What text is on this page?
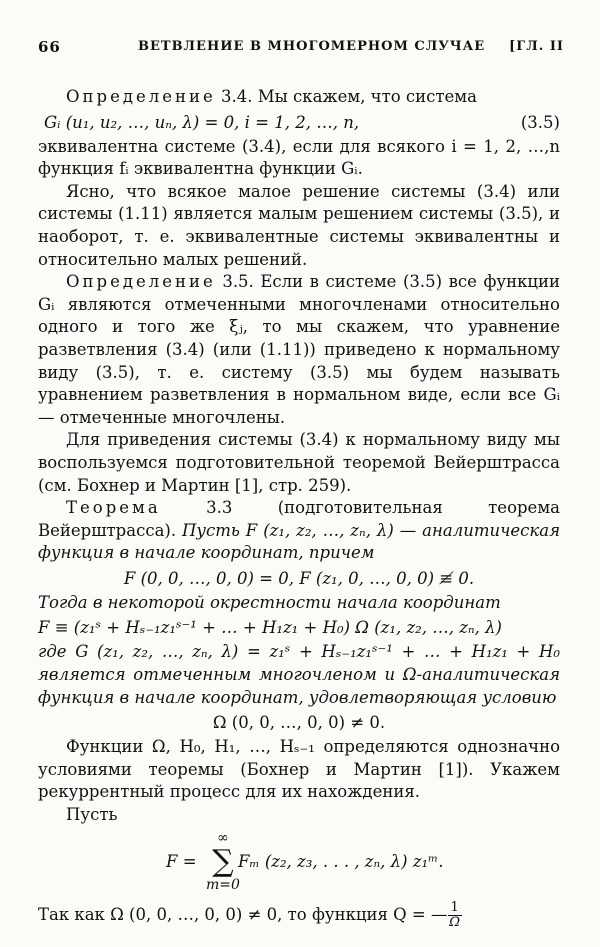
66	ВЕТВЛЕНИЕ В МНОГОМЕРНОМ СЛУЧАЕ [ГЛ. II

Определение 3.4. Мы скажем, что система

Gᵢ (u₁, u₂, …, uₙ, λ) = 0, i = 1, 2, …, n,	(3.5)

эквивалентна системе (3.4), если для всякого i = 1, 2, …,n функция fᵢ эквивалентна функции Gᵢ.

Ясно, что всякое малое решение системы (3.4) или системы (1.11) является малым решением системы (3.5), и наоборот, т. е. эквивалентные системы эквивалентны и относительно малых решений.

Определение 3.5. Если в системе (3.5) все функции Gᵢ являются отмеченными многочленами относительно одного и того же ξⱼ, то мы скажем, что уравнение разветвления (3.4) (или (1.11)) приведено к нормальному виду (3.5), т. е. систему (3.5) мы будем называть уравнением разветвления в нормальном виде, если все Gᵢ — отмеченные многочлены.

Для приведения системы (3.4) к нормальному виду мы воспользуемся подготовительной теоремой Вейерштрасса (см. Бохнер и Мартин [1], стр. 259).

Теорема 3.3 (подготовительная теорема Вейерштрасса). Пусть F (z₁, z₂, …, zₙ, λ) — аналитическая функция в начале координат, причем

F (0, 0, …, 0, 0) = 0, F (z₁, 0, …, 0, 0) ≢ 0.

Тогда в некоторой окрестности начала координат

F ≡ (z₁ˢ + Hₛ₋₁z₁ˢ⁻¹ + … + H₁z₁ + H₀) Ω (z₁, z₂, …, zₙ, λ)

где G (z₁, z₂, …, zₙ, λ) = z₁ˢ + Hₛ₋₁z₁ˢ⁻¹ + … + H₁z₁ + H₀ является отмеченным многочленом и Ω-аналитическая функция в начале координат, удовлетворяющая условию

Ω (0, 0, …, 0, 0) ≠ 0.

Функции Ω, H₀, H₁, …, Hₛ₋₁ определяются однозначно условиями теоремы (Бохнер и Мартин [1]). Укажем рекуррентный процесс для их нахождения.

Пусть

F =
∞
∑
m=0
Fₘ (z₂, z₃, . . . , zₙ, λ) z₁ᵐ.

Так как Ω (0, 0, …, 0, 0) ≠ 0, то функция Q = — $\frac{1}{\Omega}$
